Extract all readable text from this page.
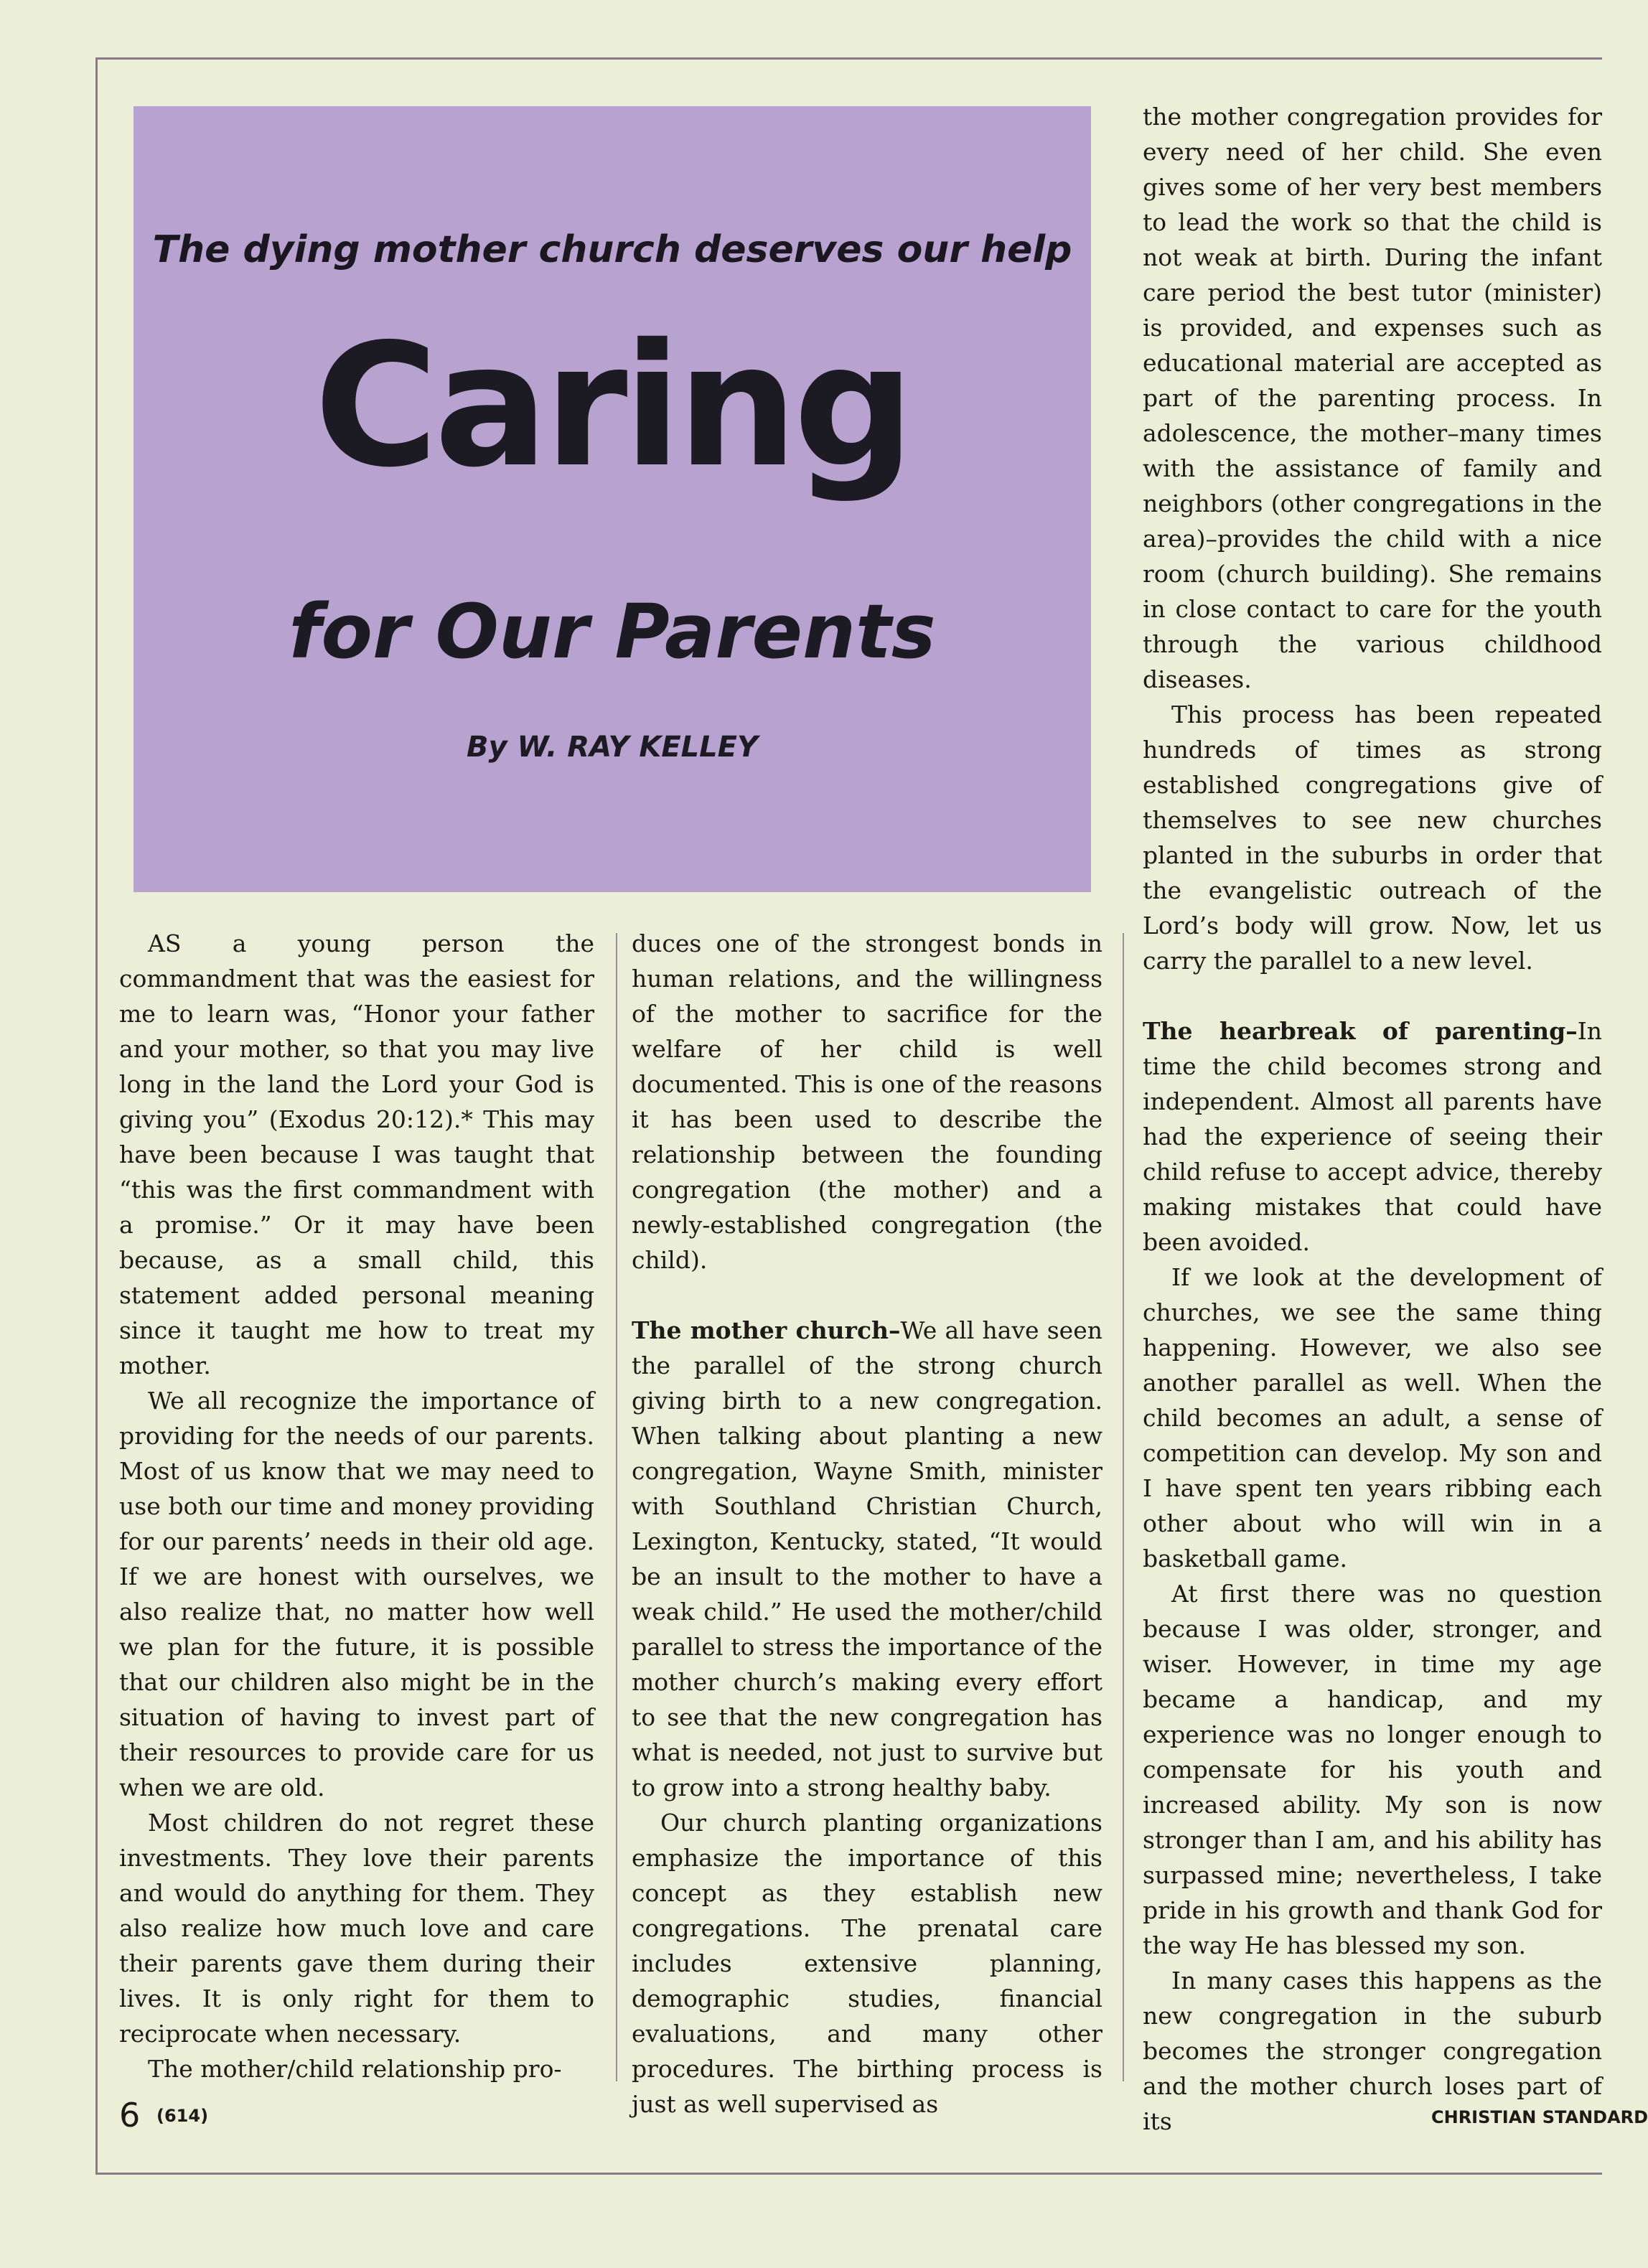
The dying mother church deserves our help
Caring
for Our Parents
By W. RAY KELLEY

AS a young person the commandment that was the easiest for me to learn was, “Honor your father and your mother, so that you may live long in the land the Lord your God is giving you” (Exodus 20:12).* This may have been because I was taught that “this was the first commandment with a promise.” Or it may have been because, as a small child, this statement added personal meaning since it taught me how to treat my mother.

We all recognize the importance of providing for the needs of our parents. Most of us know that we may need to use both our time and money providing for our parents’ needs in their old age. If we are honest with ourselves, we also realize that, no matter how well we plan for the future, it is possible that our children also might be in the situation of having to invest part of their resources to provide care for us when we are old.

Most children do not regret these investments. They love their parents and would do anything for them. They also realize how much love and care their parents gave them during their lives. It is only right for them to reciprocate when necessary.

The mother/child relationship pro-

duces one of the strongest bonds in human relations, and the willingness of the mother to sacrifice for the welfare of her child is well documented. This is one of the reasons it has been used to describe the relationship between the founding congregation (the mother) and a newly-established congregation (the child).

The mother church–We all have seen the parallel of the strong church giving birth to a new congregation. When talking about planting a new congregation, Wayne Smith, minister with Southland Christian Church, Lexington, Kentucky, stated, “It would be an insult to the mother to have a weak child.” He used the mother/child parallel to stress the importance of the mother church’s making every effort to see that the new congregation has what is needed, not just to survive but to grow into a strong healthy baby.

Our church planting organizations emphasize the importance of this concept as they establish new congregations. The prenatal care includes extensive planning, demographic studies, financial evaluations, and many other procedures. The birthing process is just as well supervised as

the mother congregation provides for every need of her child. She even gives some of her very best members to lead the work so that the child is not weak at birth. During the infant care period the best tutor (minister) is provided, and expenses such as educational material are accepted as part of the parenting process. In adolescence, the mother–many times with the assistance of family and neighbors (other congregations in the area)–provides the child with a nice room (church building). She remains in close contact to care for the youth through the various childhood diseases.

This process has been repeated hundreds of times as strong established congregations give of themselves to see new churches planted in the suburbs in order that the evangelistic outreach of the Lord’s body will grow. Now, let us carry the parallel to a new level.

The hearbreak of parenting–In time the child becomes strong and independent. Almost all parents have had the experience of seeing their child refuse to accept advice, thereby making mistakes that could have been avoided.

If we look at the development of churches, we see the same thing happening. However, we also see another parallel as well. When the child becomes an adult, a sense of competition can develop. My son and I have spent ten years ribbing each other about who will win in a basketball game.

At first there was no question because I was older, stronger, and wiser. However, in time my age became a handicap, and my experience was no longer enough to compensate for his youth and increased ability. My son is now stronger than I am, and his ability has surpassed mine; nevertheless, I take pride in his growth and thank God for the way He has blessed my son.

In many cases this happens as the new congregation in the suburb becomes the stronger congregation and the mother church loses part of its

6 (614)	CHRISTIAN STANDARD
